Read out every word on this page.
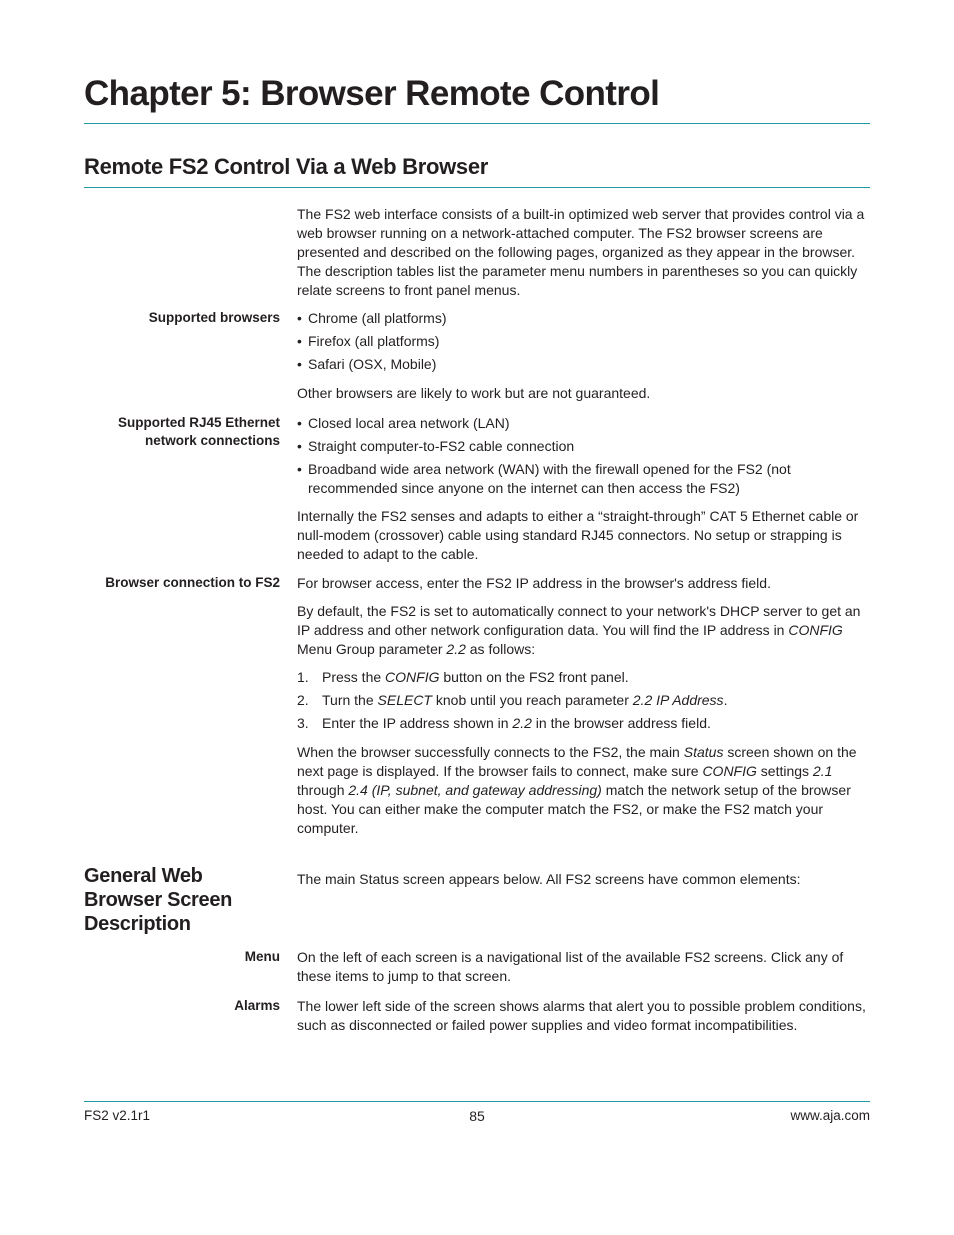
Chapter 5: Browser Remote Control
Remote FS2 Control Via a Web Browser

The FS2 web interface consists of a built-in optimized web server that provides control via a web browser running on a network-attached computer. The FS2 browser screens are presented and described on the following pages, organized as they appear in the browser. The description tables list the parameter menu numbers in parentheses so you can quickly relate screens to front panel menus.

Supported browsers • Chrome (all platforms)
• Firefox (all platforms)
• Safari (OSX, Mobile)

Other browsers are likely to work but are not guaranteed.

Supported RJ45 Ethernet
network connections
• Closed local area network (LAN)
• Straight computer-to-FS2 cable connection
• Broadband wide area network (WAN) with the firewall opened for the FS2 (not recommended since anyone on the internet can then access the FS2)

Internally the FS2 senses and adapts to either a “straight-through” CAT 5 Ethernet cable or null-modem (crossover) cable using standard RJ45 connectors. No setup or strapping is needed to adapt to the cable.

Browser connection to FS2 For browser access, enter the FS2 IP address in the browser's address field.

By default, the FS2 is set to automatically connect to your network's DHCP server to get an IP address and other network configuration data. You will find the IP address in CONFIG Menu Group parameter 2.2 as follows:

1. Press the CONFIG button on the FS2 front panel.
2. Turn the SELECT knob until you reach parameter 2.2 IP Address.
3. Enter the IP address shown in 2.2 in the browser address field.

When the browser successfully connects to the FS2, the main Status screen shown on the next page is displayed. If the browser fails to connect, make sure CONFIG settings 2.1 through 2.4 (IP, subnet, and gateway addressing) match the network setup of the browser host. You can either make the computer match the FS2, or make the FS2 match your computer.

General Web
Browser Screen
Description

The main Status screen appears below. All FS2 screens have common elements:

Menu On the left of each screen is a navigational list of the available FS2 screens. Click any of these items to jump to that screen.

Alarms The lower left side of the screen shows alarms that alert you to possible problem conditions, such as disconnected or failed power supplies and video format incompatibilities.

FS2 v2.1r1	85	www.aja.com
